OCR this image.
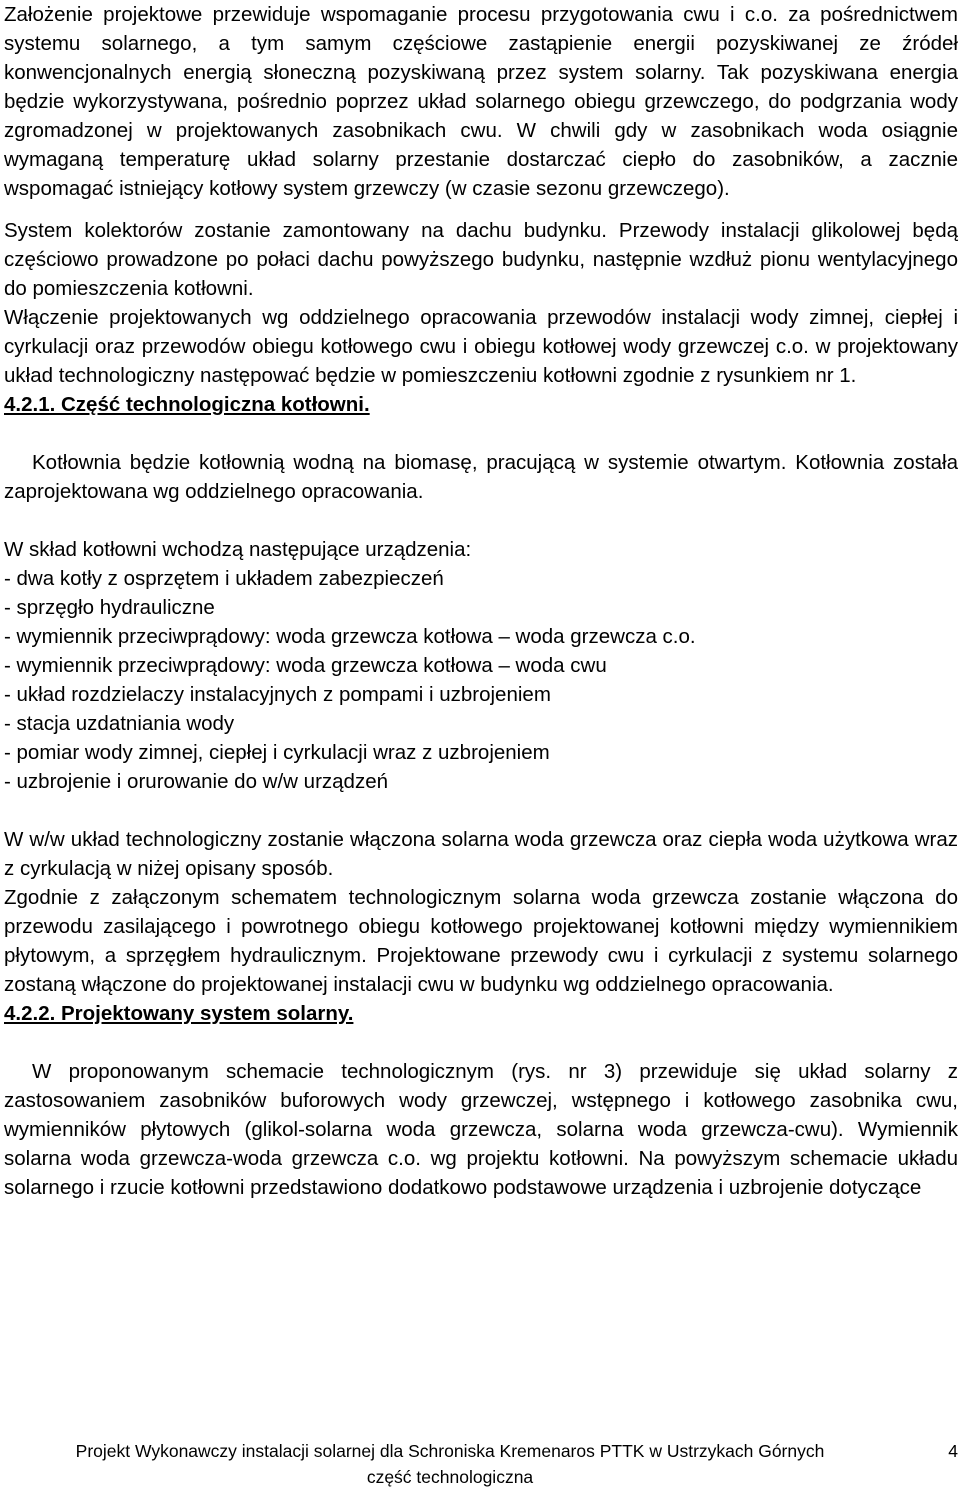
Założenie projektowe przewiduje wspomaganie procesu przygotowania cwu i c.o. za pośrednictwem systemu solarnego, a tym samym częściowe zastąpienie energii pozyskiwanej ze źródeł konwencjonalnych energią słoneczną pozyskiwaną przez system solarny. Tak pozyskiwana energia będzie wykorzystywana, pośrednio poprzez układ solarnego obiegu grzewczego, do podgrzania wody zgromadzonej w projektowanych zasobnikach cwu. W chwili gdy w zasobnikach woda osiągnie wymaganą temperaturę układ solarny przestanie dostarczać ciepło do zasobników, a zacznie wspomagać istniejący kotłowy system grzewczy (w czasie sezonu grzewczego).

System kolektorów zostanie zamontowany na dachu budynku. Przewody instalacji glikolowej będą częściowo prowadzone po połaci dachu powyższego budynku, następnie wzdłuż pionu wentylacyjnego do pomieszczenia kotłowni.

Włączenie projektowanych wg oddzielnego opracowania przewodów instalacji wody zimnej, ciepłej i cyrkulacji oraz przewodów obiegu kotłowego cwu i obiegu kotłowej wody grzewczej c.o. w projektowany układ technologiczny następować będzie w pomieszczeniu kotłowni zgodnie z rysunkiem nr 1.

4.2.1. Część technologiczna kotłowni.

Kotłownia będzie kotłownią wodną na biomasę, pracującą w systemie otwartym. Kotłownia została zaprojektowana wg oddzielnego opracowania.

W skład kotłowni wchodzą następujące urządzenia:

- dwa kotły z osprzętem i układem zabezpieczeń
- sprzęgło hydrauliczne
- wymiennik przeciwprądowy: woda grzewcza kotłowa – woda grzewcza c.o.
- wymiennik przeciwprądowy: woda grzewcza kotłowa – woda cwu
- układ rozdzielaczy instalacyjnych z pompami i uzbrojeniem
- stacja uzdatniania wody
- pomiar wody zimnej, ciepłej i cyrkulacji wraz z uzbrojeniem
- uzbrojenie i orurowanie do w/w urządzeń

W w/w układ technologiczny zostanie włączona solarna woda grzewcza oraz ciepła woda użytkowa wraz z cyrkulacją w niżej opisany sposób.

Zgodnie z załączonym schematem technologicznym solarna woda grzewcza zostanie włączona do przewodu zasilającego i powrotnego obiegu kotłowego projektowanej kotłowni między wymiennikiem płytowym, a sprzęgłem hydraulicznym. Projektowane przewody cwu i cyrkulacji z systemu solarnego zostaną włączone do projektowanej instalacji cwu w budynku wg oddzielnego opracowania.

4.2.2. Projektowany system solarny.

W proponowanym schemacie technologicznym (rys. nr 3) przewiduje się układ solarny z zastosowaniem zasobników buforowych wody grzewczej, wstępnego i kotłowego zasobnika cwu, wymienników płytowych (glikol-solarna woda grzewcza, solarna woda grzewcza-cwu). Wymiennik solarna woda grzewcza-woda grzewcza c.o. wg projektu kotłowni. Na powyższym schemacie układu solarnego i rzucie kotłowni przedstawiono dodatkowo podstawowe urządzenia i uzbrojenie dotyczące

Projekt Wykonawczy instalacji solarnej dla Schroniska Kremenaros PTTK w Ustrzykach Górnych	4
część technologiczna
